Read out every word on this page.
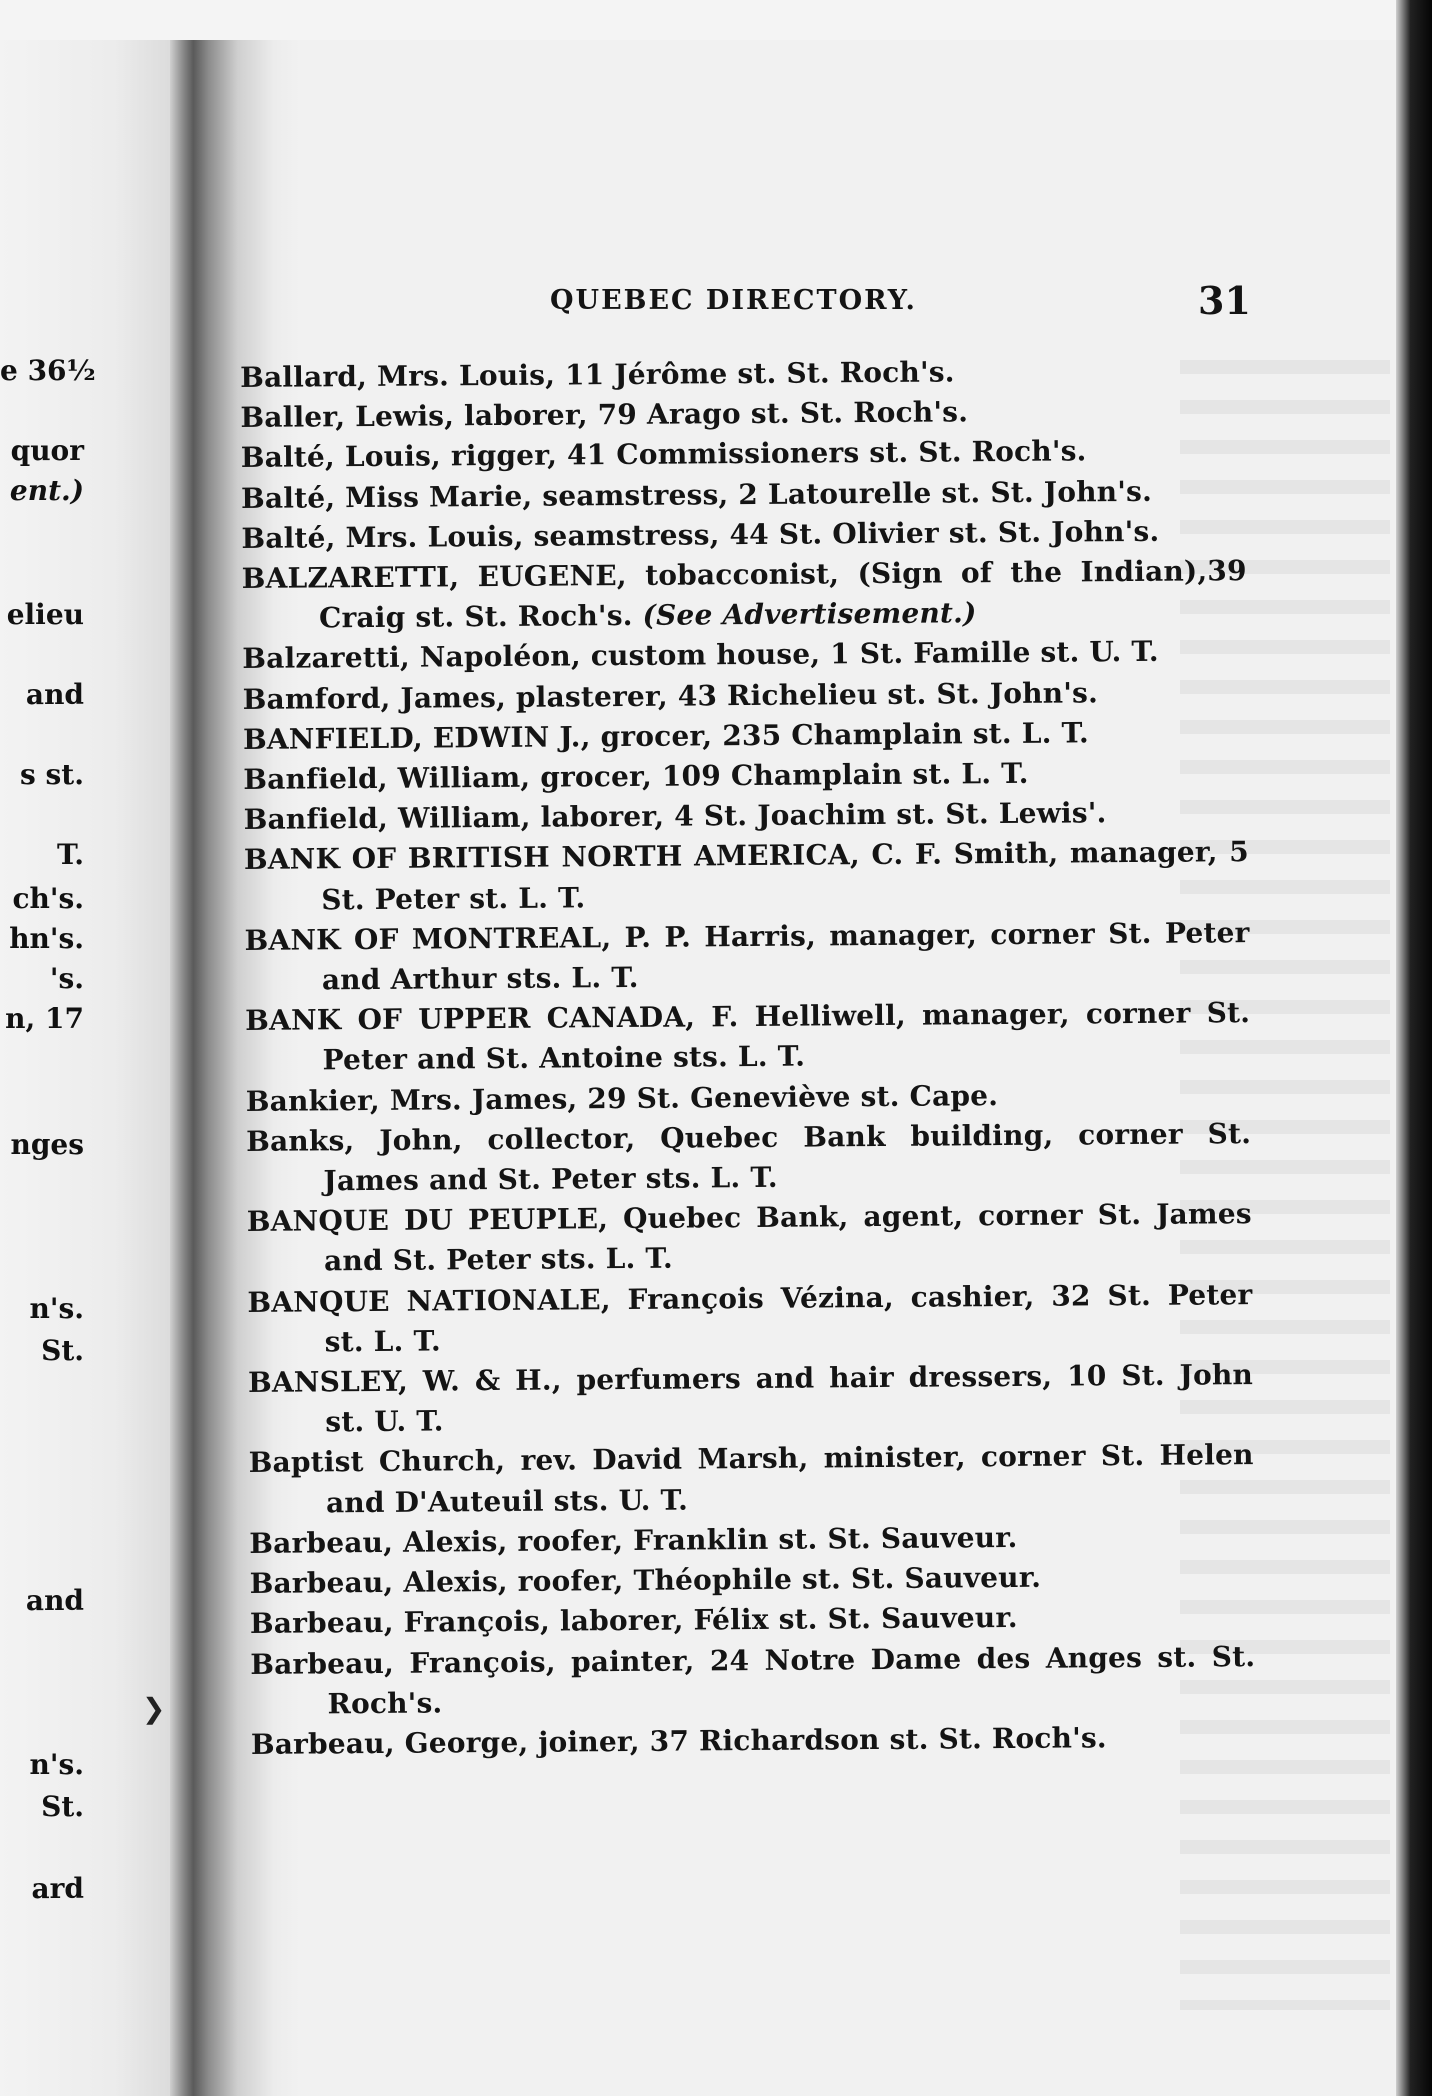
e 36½
quor
ent.)
elieu
and
s st.
T.
ch's.
hn's.
's.
n, 17
nges
n's.
St.
and
n's.
St.
ard
QUEBEC DIRECTORY.	31
❯
Ballard, Mrs. Louis, 11 Jérôme st. St. Roch's.
Baller, Lewis, laborer, 79 Arago st. St. Roch's.
Balté, Louis, rigger, 41 Commissioners st. St. Roch's.
Balté, Miss Marie, seamstress, 2 Latourelle st. St. John's.
Balté, Mrs. Louis, seamstress, 44 St. Olivier st. St. John's.
BALZARETTI, EUGENE, tobacconist, (Sign of the Indian),39 Craig st. St. Roch's. (See Advertisement.)
Balzaretti, Napoléon, custom house, 1 St. Famille st. U. T.
Bamford, James, plasterer, 43 Richelieu st. St. John's.
BANFIELD, EDWIN J., grocer, 235 Champlain st. L. T.
Banfield, William, grocer, 109 Champlain st. L. T.
Banfield, William, laborer, 4 St. Joachim st. St. Lewis'.
BANK OF BRITISH NORTH AMERICA, C. F. Smith, manager, 5 St. Peter st. L. T.
BANK OF MONTREAL, P. P. Harris, manager, corner St. Peter and Arthur sts. L. T.
BANK OF UPPER CANADA, F. Helliwell, manager, corner St. Peter and St. Antoine sts. L. T.
Bankier, Mrs. James, 29 St. Geneviève st. Cape.
Banks, John, collector, Quebec Bank building, corner St. James and St. Peter sts. L. T.
BANQUE DU PEUPLE, Quebec Bank, agent, corner St. James and St. Peter sts. L. T.
BANQUE NATIONALE, François Vézina, cashier, 32 St. Peter st. L. T.
BANSLEY, W. & H., perfumers and hair dressers, 10 St. John st. U. T.
Baptist Church, rev. David Marsh, minister, corner St. Helen and D'Auteuil sts. U. T.
Barbeau, Alexis, roofer, Franklin st. St. Sauveur.
Barbeau, Alexis, roofer, Théophile st. St. Sauveur.
Barbeau, François, laborer, Félix st. St. Sauveur.
Barbeau, François, painter, 24 Notre Dame des Anges st. St. Roch's.
Barbeau, George, joiner, 37 Richardson st. St. Roch's.
